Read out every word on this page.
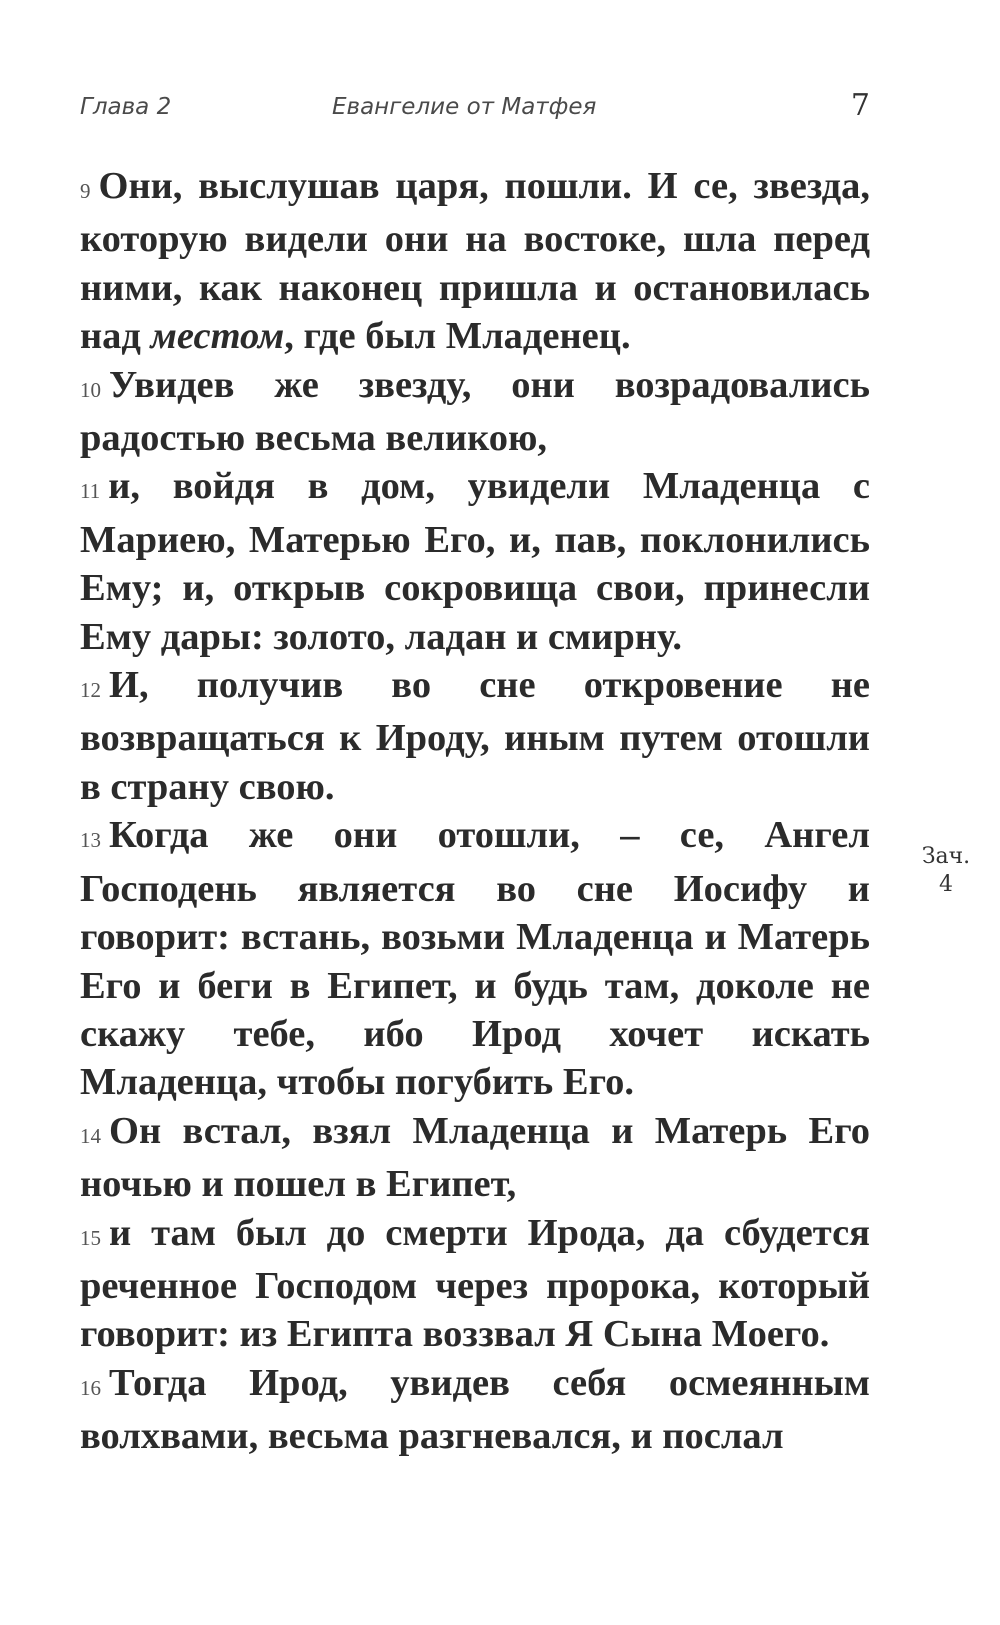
Глава 2	Евангелие от Матфея	7

9 Они, выслушав царя, пошли. И се, звезда, которую видели они на востоке, шла перед ними, как наконец пришла и остановилась над местом, где был Младенец.

10 Увидев же звезду, они возрадовались радостью весьма великою,

11 и, войдя в дом, увидели Младенца с Мариею, Матерью Его, и, пав, поклонились Ему; и, открыв сокровища свои, принесли Ему дары: золото, ладан и смирну.

12 И, получив во сне откровение не возвращаться к Ироду, иным путем отошли в страну свою.

13 Когда же они отошли, – се, Ангел Господень является во сне Иосифу и говорит: встань, возьми Младенца и Матерь Его и беги в Египет, и будь там, доколе не скажу тебе, ибо Ирод хочет искать Младенца, чтобы погубить Его.

14 Он встал, взял Младенца и Матерь Его ночью и пошел в Египет,

15 и там был до смерти Ирода, да сбудется реченное Господом через пророка, который говорит: из Египта воззвал Я Сына Моего.

16 Тогда Ирод, увидев себя осмеянным волхвами, весьма разгневался, и послал

Зач.
4
